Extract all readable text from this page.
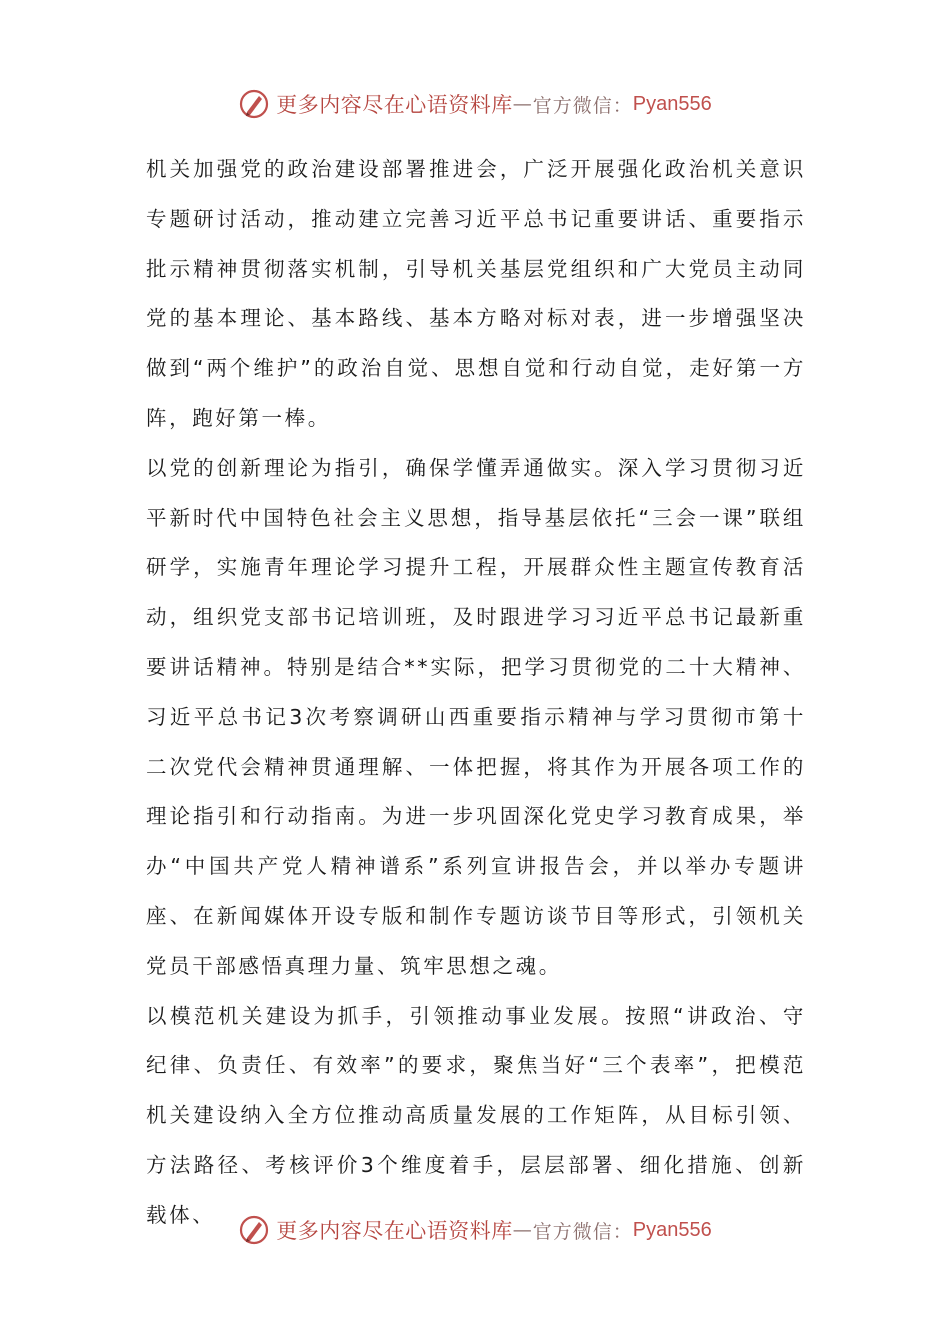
更多内容尽在心语资料库 — 官方微信： Pyan556

机关加强党的政治建设部署推进会，广泛开展强化政治机关意识专题研讨活动，推动建立完善习近平总书记重要讲话、重要指示批示精神贯彻落实机制，引导机关基层党组织和广大党员主动同党的基本理论、基本路线、基本方略对标对表，进一步增强坚决做到“两个维护”的政治自觉、思想自觉和行动自觉，走好第一方阵，跑好第一棒。

以党的创新理论为指引，确保学懂弄通做实。深入学习贯彻习近平新时代中国特色社会主义思想，指导基层依托“三会一课”联组研学，实施青年理论学习提升工程，开展群众性主题宣传教育活动，组织党支部书记培训班，及时跟进学习习近平总书记最新重要讲话精神。特别是结合**实际，把学习贯彻党的二十大精神、习近平总书记3次考察调研山西重要指示精神与学习贯彻市第十二次党代会精神贯通理解、一体把握，将其作为开展各项工作的理论指引和行动指南。为进一步巩固深化党史学习教育成果，举办“中国共产党人精神谱系”系列宣讲报告会，并以举办专题讲座、在新闻媒体开设专版和制作专题访谈节目等形式，引领机关党员干部感悟真理力量、筑牢思想之魂。

以模范机关建设为抓手，引领推动事业发展。按照“讲政治、守纪律、负责任、有效率”的要求，聚焦当好“三个表率”，把模范机关建设纳入全方位推动高质量发展的工作矩阵，从目标引领、方法路径、考核评价3个维度着手，层层部署、细化措施、创新载体、

更多内容尽在心语资料库 — 官方微信： Pyan556
